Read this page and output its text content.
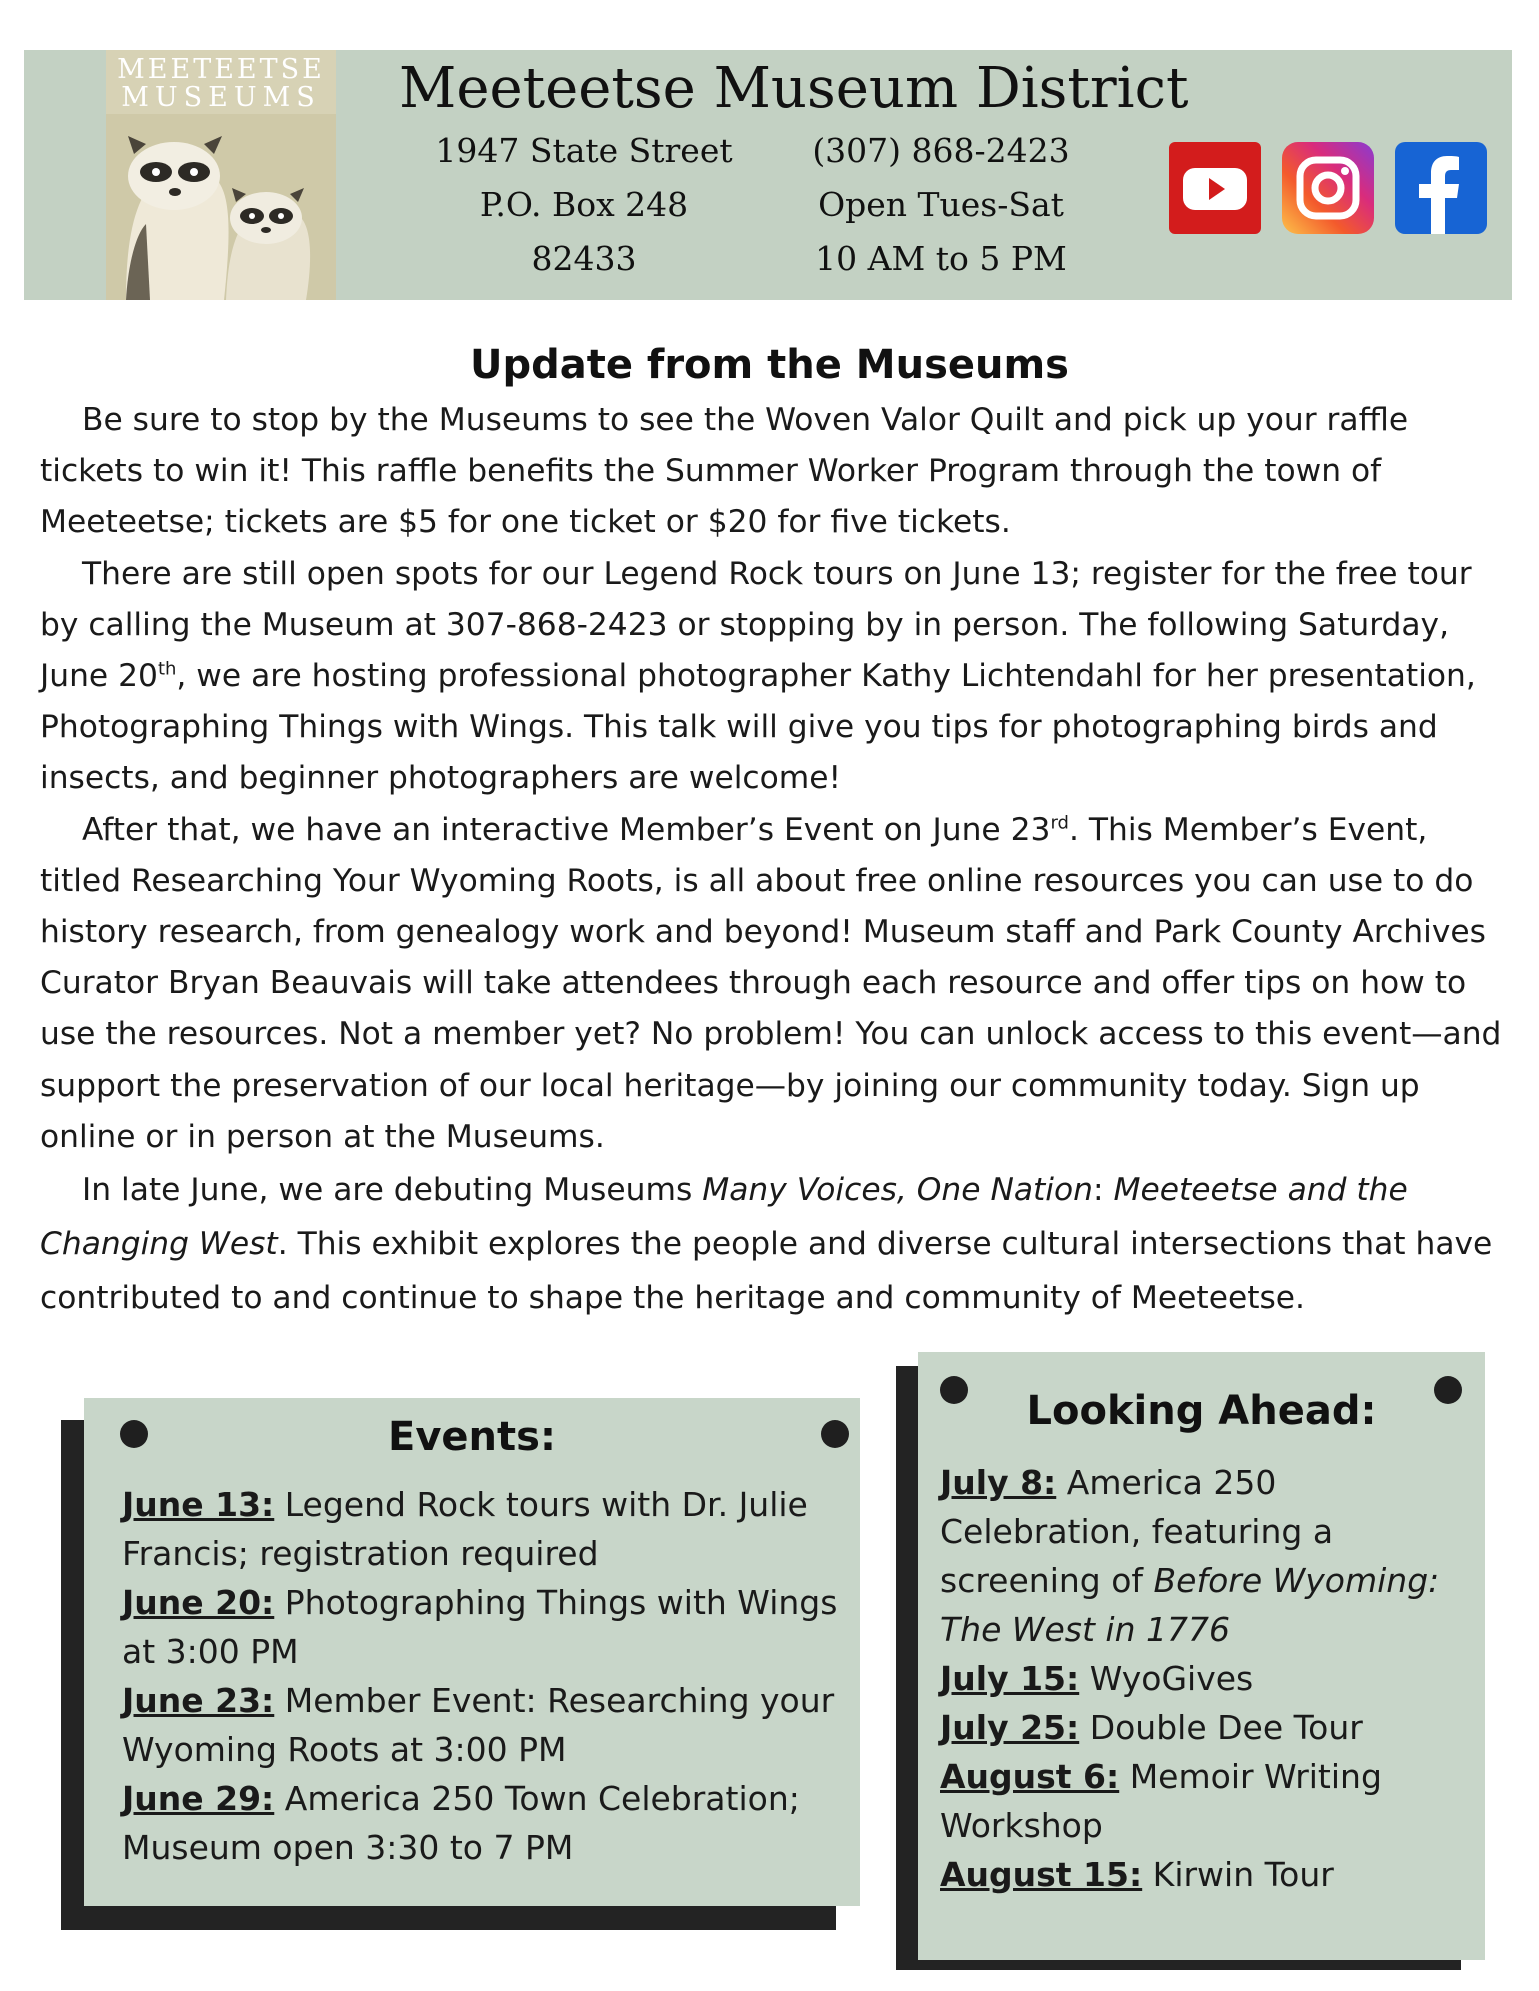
MEETEETSE
MUSEUMS Meeteetse Museum District
1947 State Street
P.O. Box 248
82433
(307) 868-2423
Open Tues-Sat
10 AM to 5 PM
Update from the Museums

Be sure to stop by the Museums to see the Woven Valor Quilt and pick up your raffle tickets to win it! This raffle benefits the Summer Worker Program through the town of Meeteetse; tickets are $5 for one ticket or $20 for five tickets.

There are still open spots for our Legend Rock tours on June 13; register for the free tour by calling the Museum at 307-868-2423 or stopping by in person. The following Saturday, June 20th, we are hosting professional photographer Kathy Lichtendahl for her presentation, Photographing Things with Wings. This talk will give you tips for photographing birds and insects, and beginner photographers are welcome!

After that, we have an interactive Member’s Event on June 23rd. This Member’s Event, titled Researching Your Wyoming Roots, is all about free online resources you can use to do history research, from genealogy work and beyond! Museum staff and Park County Archives Curator Bryan Beauvais will take attendees through each resource and offer tips on how to use the resources. Not a member yet? No problem! You can unlock access to this event—and support the preservation of our local heritage—by joining our community today. Sign up online or in person at the Museums.

In late June, we are debuting Museums Many Voices, One Nation: Meeteetse and the Changing West. This exhibit explores the people and diverse cultural intersections that have contributed to and continue to shape the heritage and community of Meeteetse.

Events:
June 13: Legend Rock tours with Dr. Julie Francis; registration required
June 20: Photographing Things with Wings at 3:00 PM
June 23: Member Event: Researching your Wyoming Roots at 3:00 PM
June 29: America 250 Town Celebration; Museum open 3:30 to 7 PM
Looking Ahead:
July 8: America 250 Celebration, featuring a screening of Before Wyoming: The West in 1776
July 15: WyoGives
July 25: Double Dee Tour
August 6: Memoir Writing Workshop
August 15: Kirwin Tour
